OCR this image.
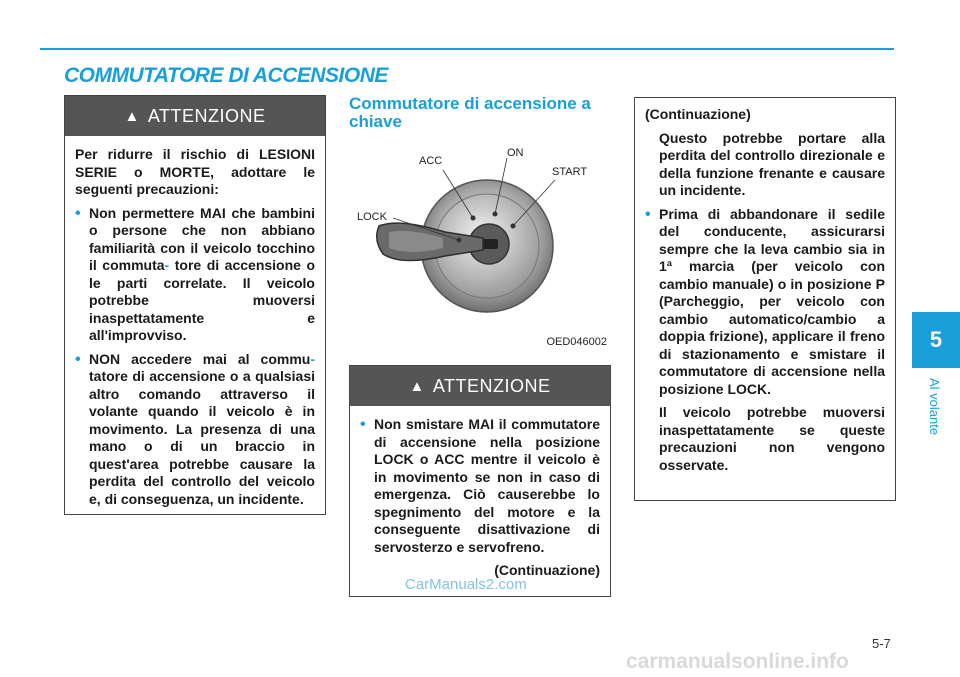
COMMUTATORE DI ACCENSIONE
5
Al volante
▲ ATTENZIONE

Per ridurre il rischio di LESIONI SERIE o MORTE, adottare le seguenti precauzioni:

• Non permettere MAI che bambini o persone che non abbiano familiarità con il veicolo tocchino il commuta- tore di accensione o le parti correlate. Il veicolo potrebbe muoversi inaspettatamente e all'improvviso.
• NON accedere mai al commu- tatore di accensione o a qualsiasi altro comando attraverso il volante quando il veicolo è in movimento. La presenza di una mano o di un braccio in quest'area potrebbe causare la perdita del controllo del veicolo e, di conseguenza, un incidente.
Commutatore di accensione a chiave
ACC
ON
START
LOCK
OED046002
▲ ATTENZIONE
• Non smistare MAI il commutatore di accensione nella posizione LOCK o ACC mentre il veicolo è in movimento se non in caso di emergenza. Ciò causerebbe lo spegnimento del motore e la conseguente disattivazione di servosterzo e servofreno.
(Continuazione)

(Continuazione)

Questo potrebbe portare alla perdita del controllo direzionale e della funzione frenante e causare un incidente.

• Prima di abbandonare il sedile del conducente, assicurarsi sempre che la leva cambio sia in 1ª marcia (per veicolo con cambio manuale) o in posizione P (Parcheggio, per veicolo con cambio automatico/cambio a doppia frizione), applicare il freno di stazionamento e smistare il commutatore di accensione nella posizione LOCK.

Il veicolo potrebbe muoversi inaspettatamente se queste precauzioni non vengono osservate.

CarManuals2.com
5-7
carmanualsonline.info
